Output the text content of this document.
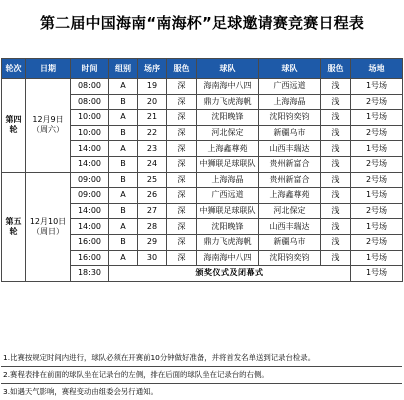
第二届中国海南“南海杯”足球邀请赛竞赛日程表
轮次	日期	时间	组别	场序	服色	球队	球队	服色	场地
第四轮	12月9日（周六）	08:00	A	19	深	海南海中八四	广西远道	浅	1号场
		08:00	B	20	深	鼎力飞虎海帆	上海海晶	浅	2号场
		10:00	A	21	深	沈阳晚锋	沈阳钧奕钧	浅	1号场
		10:00	B	22	深	河北保定	新疆乌市	浅	2号场
		14:00	A	23	深	上海鑫尊苑	山西丰瑞达	浅	1号场
		14:00	B	24	深	中狮联足球联队	贵州新富合	浅	2号场
第五轮	12月10日（周日）	09:00	B	25	深	上海海晶	贵州新富合	浅	2号场
		09:00	A	26	深	广西远道	上海鑫尊苑	浅	1号场
		14:00	B	27	深	中狮联足球联队	河北保定	浅	2号场
		14:00	A	28	深	沈阳晚锋	山西丰瑞达	浅	1号场
		16:00	B	29	深	鼎力飞虎海帆	新疆乌市	浅	2号场
		16:00	A	30	深	海南海中八四	沈阳钧奕钧	浅	1号场
		18:30	颁奖仪式及闭幕式						1号场
1.比赛按规定时间内进行，球队必须在开赛前10分钟做好准备，并将首发名单送到记录台检录。
2.赛程表排在前面的球队坐在记录台的左侧，排在后面的球队坐在记录台的右侧。
3.如遇天气影响，赛程变动由组委会另行通知。
